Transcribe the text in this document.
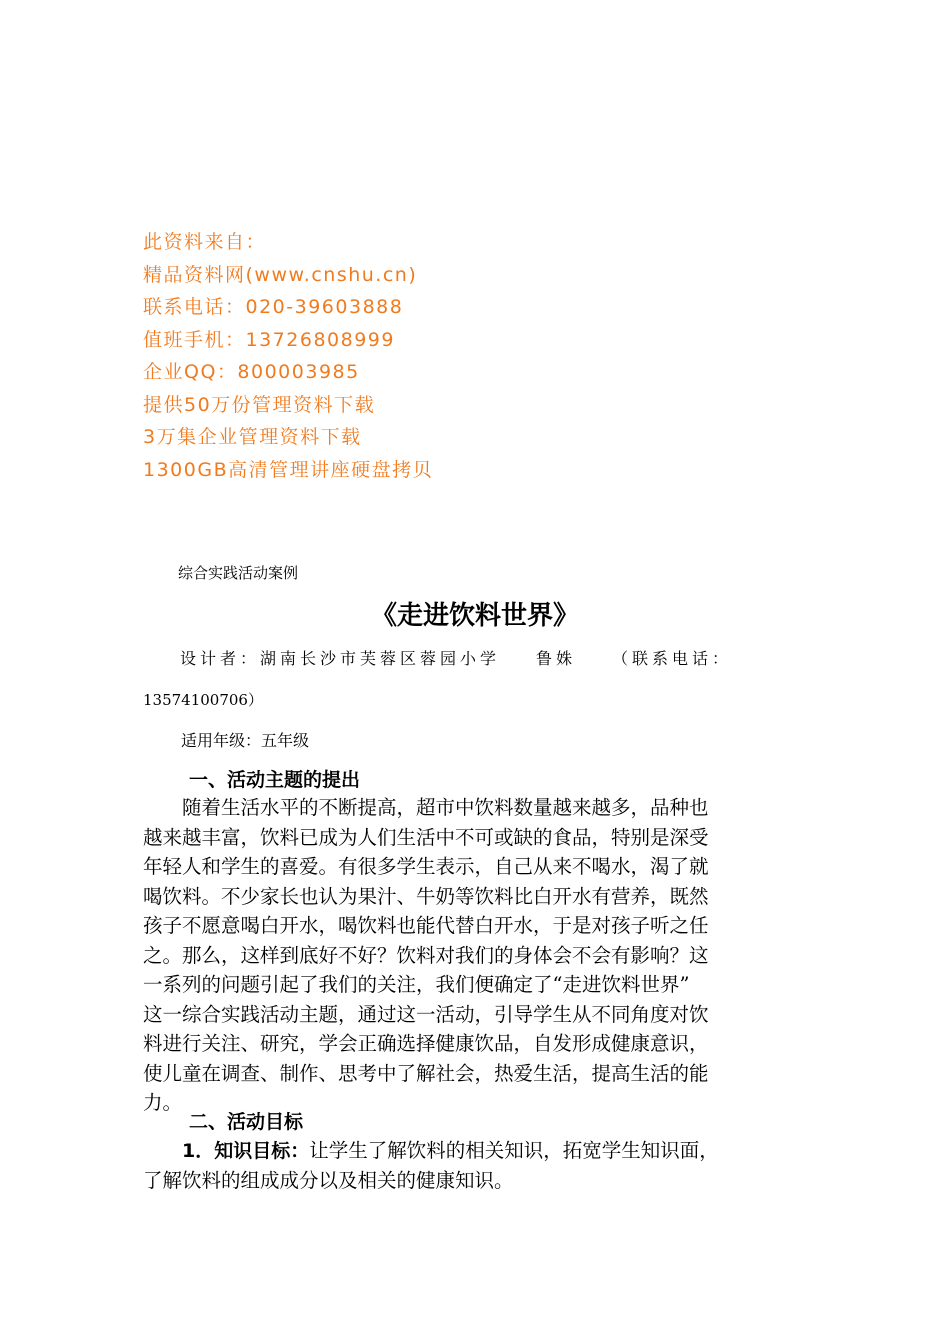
此资料来自：
精品资料网(www.cnshu.cn)
联系电话：020-39603888
值班手机：13726808999
企业QQ：800003985
提供50万份管理资料下载
3万集企业管理资料下载
1300GB高清管理讲座硬盘拷贝
综合实践活动案例
《走进饮料世界》
设计者：湖南长沙市芙蓉区蓉园小学 鲁姝 （联系电话：
13574100706）
适用年级：五年级
一、活动主题的提出
　　随着生活水平的不断提高，超市中饮料数量越来越多，品种也
越来越丰富，饮料已成为人们生活中不可或缺的食品，特别是深受
年轻人和学生的喜爱。有很多学生表示，自己从来不喝水，渴了就
喝饮料。不少家长也认为果汁、牛奶等饮料比白开水有营养，既然
孩子不愿意喝白开水，喝饮料也能代替白开水，于是对孩子听之任
之。那么，这样到底好不好？饮料对我们的身体会不会有影响？这
一系列的问题引起了我们的关注，我们便确定了“走进饮料世界”
这一综合实践活动主题，通过这一活动，引导学生从不同角度对饮
料进行关注、研究，学会正确选择健康饮品，自发形成健康意识，
使儿童在调查、制作、思考中了解社会，热爱生活，提高生活的能
力。
二、活动目标
1．知识目标：让学生了解饮料的相关知识，拓宽学生知识面，
了解饮料的组成成分以及相关的健康知识。
